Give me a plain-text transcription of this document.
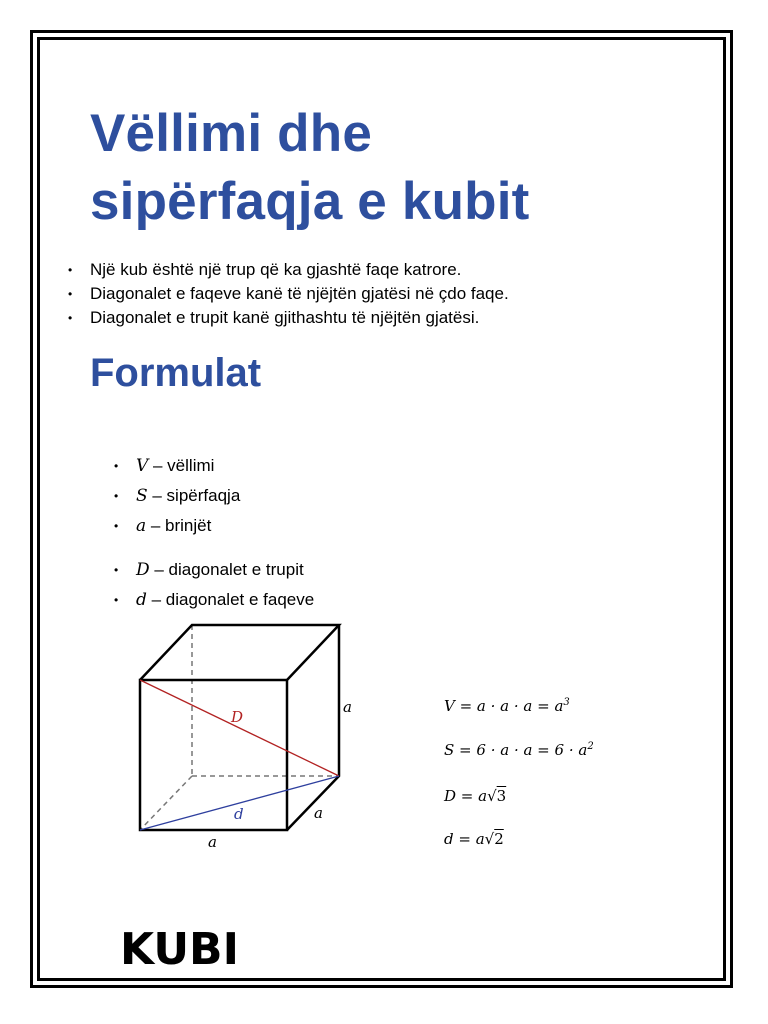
Vëllimi dhe
sipërfaqja e kubit
• Një kub është një trup që ka gjashtë faqe katrore.
• Diagonalet e faqeve kanë të njëjtën gjatësi në çdo faqe.
• Diagonalet e trupit kanë gjithashtu të njëjtën gjatësi.
Formulat
• V – vëllimi
• S – sipërfaqja
• a – brinjët
• D – diagonalet e trupit
• d – diagonalet e faqeve
D
d
a
a
a
$V = a \cdot a \cdot a = a^3$
$S = 6 \cdot a \cdot a = 6 \cdot a^2$
D = a√3
d = a√2
KUBI
